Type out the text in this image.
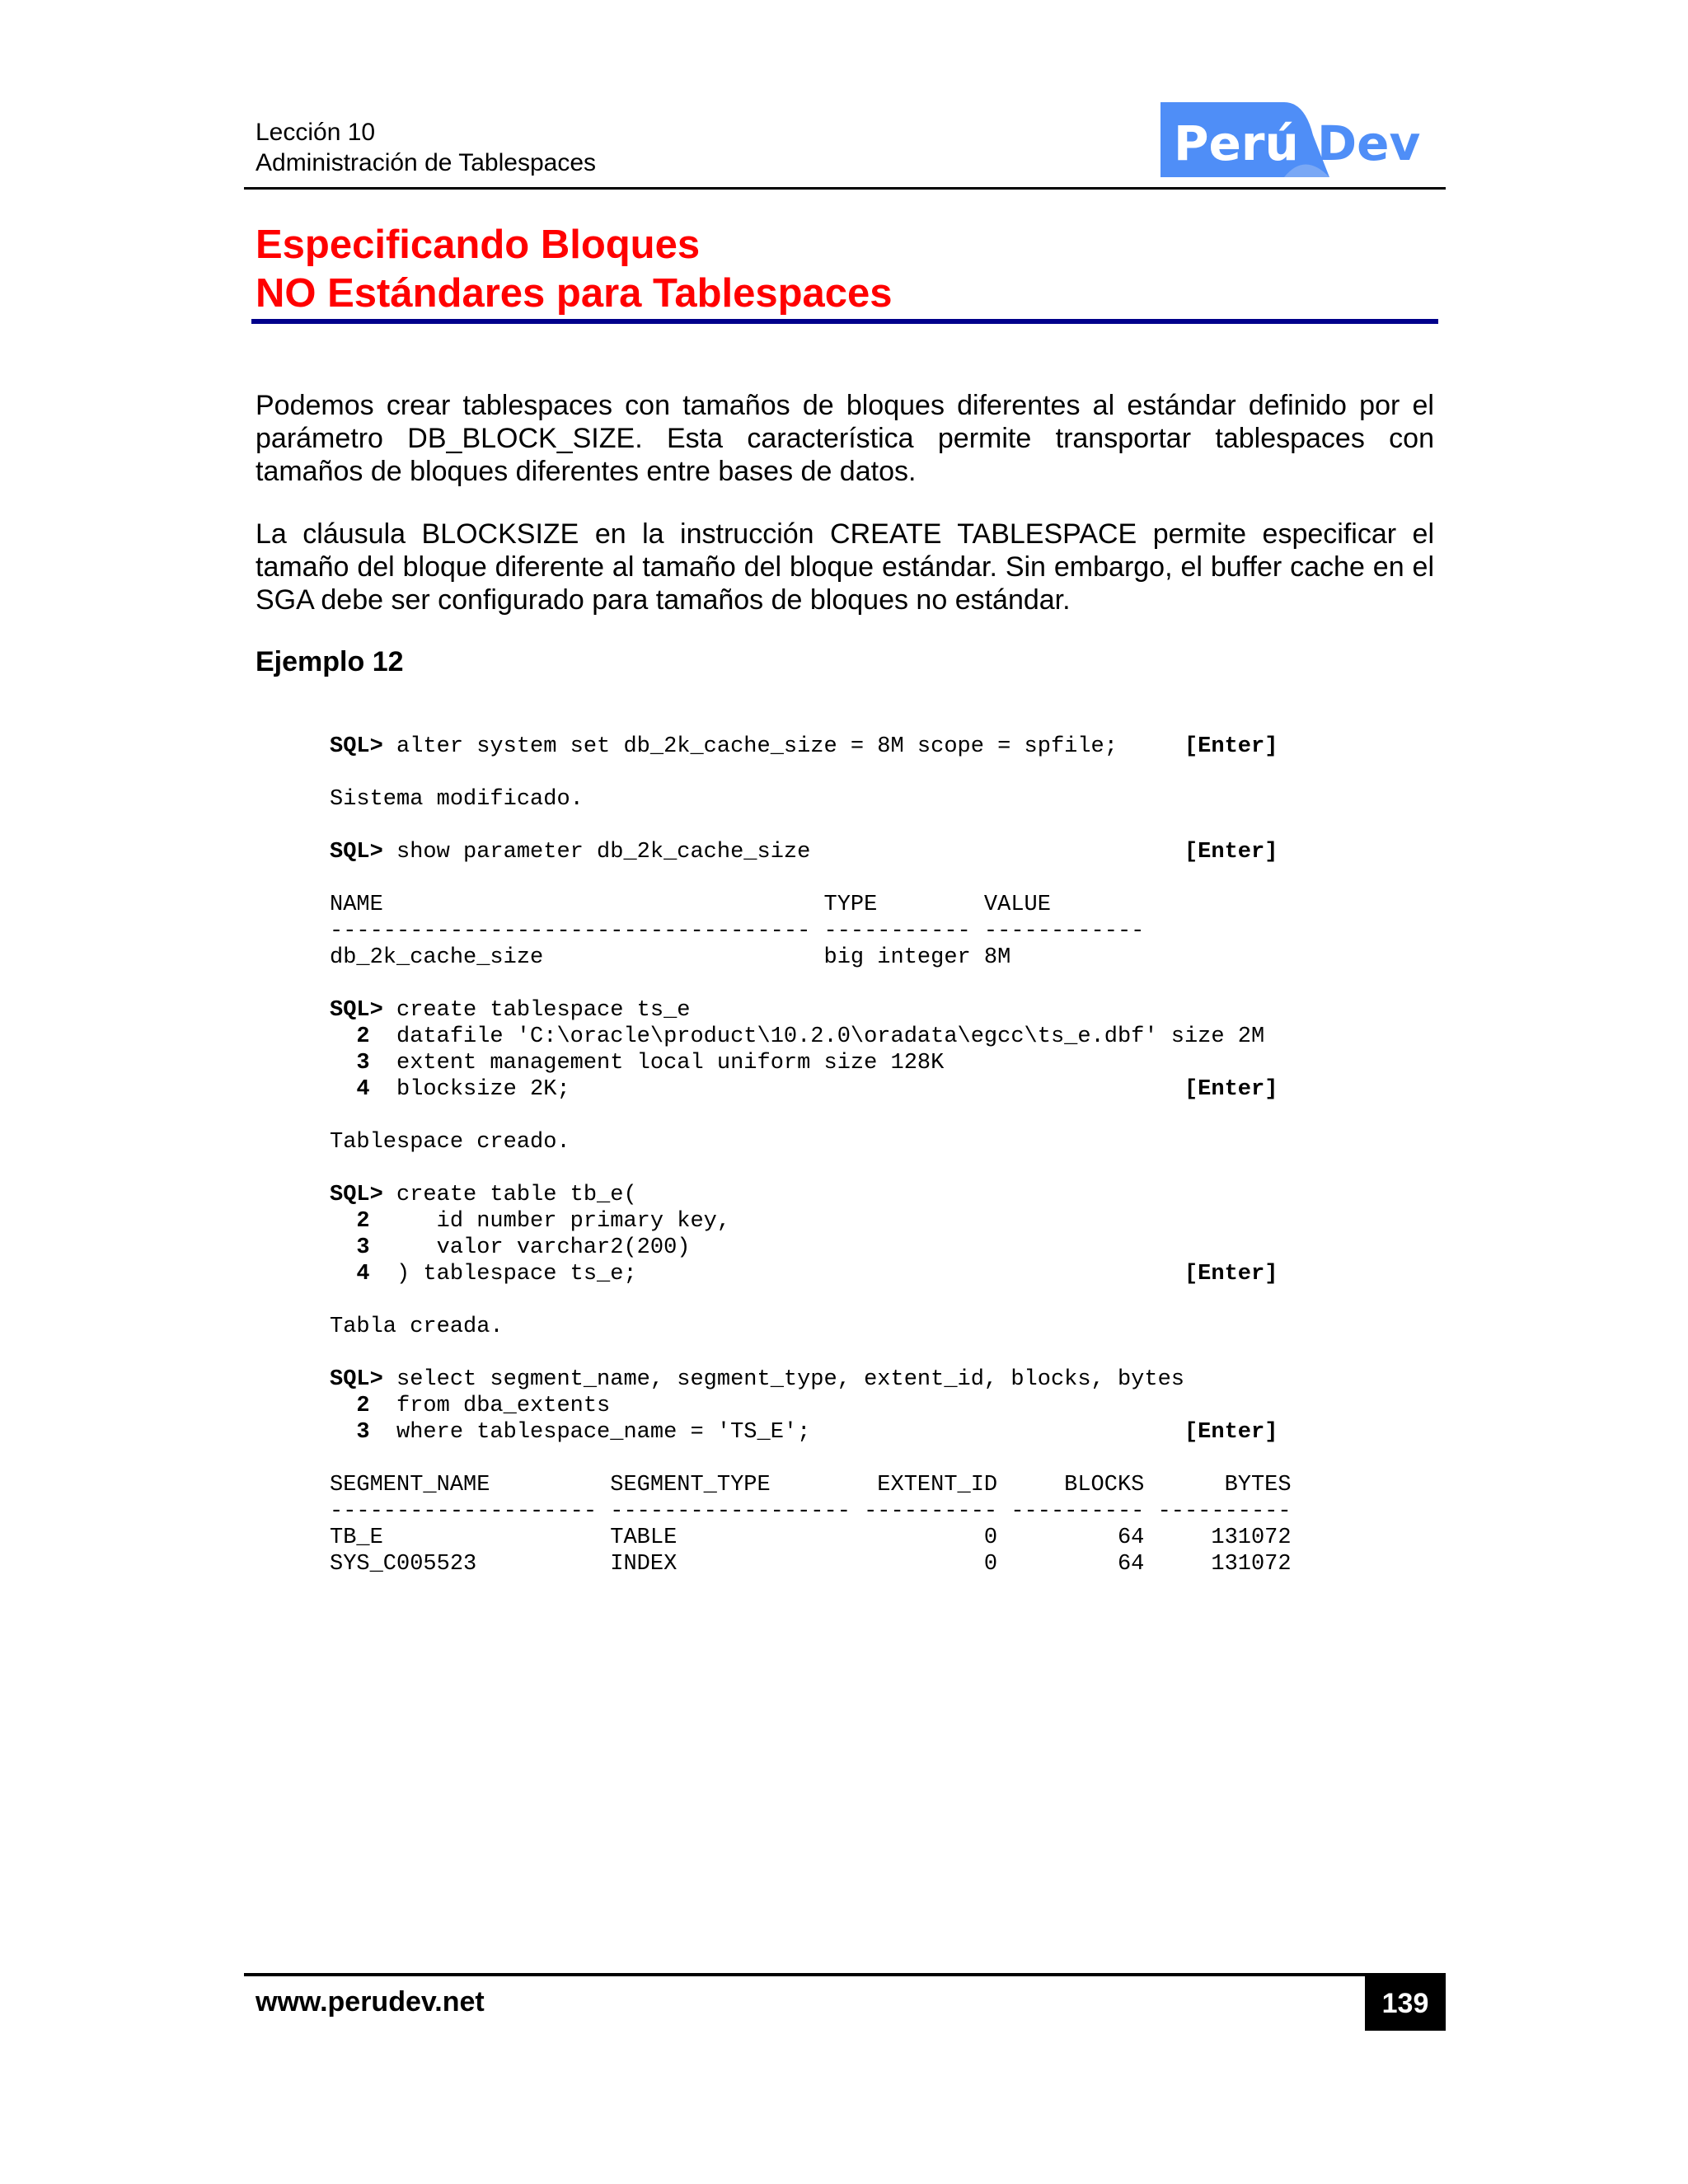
Lección 10
Administración de Tablespaces	Perú Dev
Especificando Bloques
NO Estándares para Tablespaces
Podemos crear tablespaces con tamaños de bloques diferentes al estándar definido por el parámetro DB_BLOCK_SIZE. Esta característica permite transportar tablespaces con tamaños de bloques diferentes entre bases de datos.
La cláusula BLOCKSIZE en la instrucción CREATE TABLESPACE permite especificar el tamaño del bloque diferente al tamaño del bloque estándar. Sin embargo, el buffer cache en el SGA debe ser configurado para tamaños de bloques no estándar.
Ejemplo 12
SQL> alter system set db_2k_cache_size = 8M scope = spfile;     [Enter]

Sistema modificado.

SQL> show parameter db_2k_cache_size                            [Enter]

NAME                                 TYPE        VALUE
------------------------------------ ----------- ------------
db_2k_cache_size                     big integer 8M

SQL> create tablespace ts_e
2  datafile 'C:\oracle\product\10.2.0\oradata\egcc\ts_e.dbf' size 2M
3  extent management local uniform size 128K
4  blocksize 2K;                                              [Enter]

Tablespace creado.

SQL> create table tb_e(
2     id number primary key,
3     valor varchar2(200)
4  ) tablespace ts_e;                                         [Enter]

Tabla creada.

SQL> select segment_name, segment_type, extent_id, blocks, bytes
2  from dba_extents
3  where tablespace_name = 'TS_E';                            [Enter]

SEGMENT_NAME         SEGMENT_TYPE        EXTENT_ID     BLOCKS      BYTES
-------------------- ------------------ ---------- ---------- ----------
TB_E                 TABLE                       0         64     131072
SYS_C005523          INDEX                       0         64     131072
www.perudev.net	139
